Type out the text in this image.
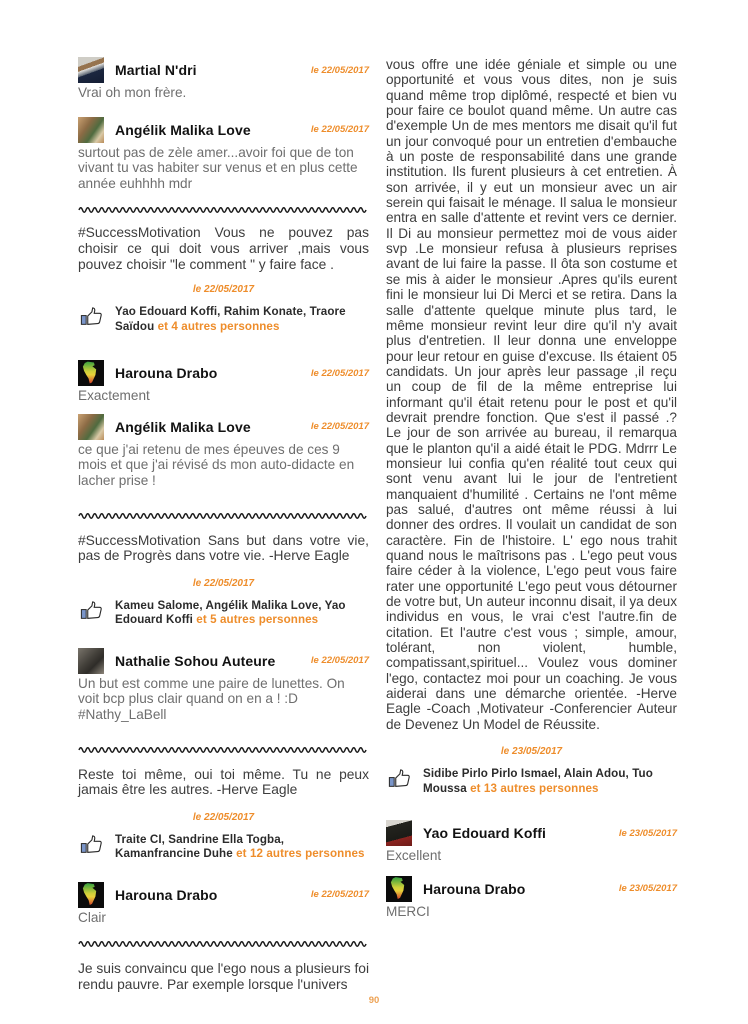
Martial N'dri	le 22/05/2017
Vrai oh mon frère.
Angélik Malika Love	le 22/05/2017
surtout pas de zèle amer...avoir foi que de ton vivant tu vas habiter sur venus et en plus cette année euhhhh mdr
#SuccessMotivation Vous ne pouvez pas choisir ce qui doit vous arriver ,mais vous pouvez choisir "le comment " y faire face .
le 22/05/2017
Yao Edouard Koffi, Rahim Konate, Traore Saïdou et 4 autres personnes
Harouna Drabo	le 22/05/2017
Exactement
Angélik Malika Love	le 22/05/2017
ce que j'ai retenu de mes épeuves de ces 9 mois et que j'ai révisé ds mon auto-didacte en lacher prise !
#SuccessMotivation Sans but dans votre vie, pas de Progrès dans votre vie. -Herve Eagle
le 22/05/2017
Kameu Salome, Angélik Malika Love, Yao Edouard Koffi et 5 autres personnes
Nathalie Sohou Auteure	le 22/05/2017
Un but est comme une paire de lunettes. On voit bcp plus clair quand on en a ! :D #Nathy_LaBell
Reste toi même, oui toi même. Tu ne peux jamais être les autres. -Herve Eagle
le 22/05/2017
Traite CI, Sandrine Ella Togba, Kamanfrancine Duhe et 12 autres personnes
Harouna Drabo	le 22/05/2017
Clair
Je suis convaincu que l'ego nous a plusieurs foi rendu pauvre. Par exemple lorsque l'univers
vous offre une idée géniale et simple ou une opportunité et vous vous dites, non je suis quand même trop diplômé, respecté et bien vu pour faire ce boulot quand même. Un autre cas d'exemple Un de mes mentors me disait qu'il fut un jour convoqué pour un entretien d'embauche à un poste de responsabilité dans une grande institution. Ils furent plusieurs à cet entretien. À son arrivée, il y eut un monsieur avec un air serein qui faisait le ménage. Il salua le monsieur entra en salle d'attente et revint vers ce dernier. Il Di au monsieur permettez moi de vous aider svp .Le monsieur refusa à plusieurs reprises avant de lui faire la passe. Il ôta son costume et se mis à aider le monsieur .Apres qu'ils eurent fini le monsieur lui Di Merci et se retira. Dans la salle d'attente quelque minute plus tard, le même monsieur revint leur dire qu'il n'y avait plus d'entretien. Il leur donna une enveloppe pour leur retour en guise d'excuse. Ils étaient 05 candidats. Un jour après leur passage ,il reçu un coup de fil de la même entreprise lui informant qu'il était retenu pour le post et qu'il devrait prendre fonction. Que s'est il passé .? Le jour de son arrivée au bureau, il remarqua que le planton qu'il a aidé était le PDG. Mdrrr Le monsieur lui confia qu'en réalité tout ceux qui sont venu avant lui le jour de l'entretient manquaient d'humilité . Certains ne l'ont même pas salué, d'autres ont même réussi à lui donner des ordres. Il voulait un candidat de son caractère. Fin de l'histoire. L' ego nous trahit quand nous le maîtrisons pas . L'ego peut vous faire céder à la violence, L'ego peut vous faire rater une opportunité L'ego peut vous détourner de votre but, Un auteur inconnu disait, il ya deux individus en vous, le vrai c'est l'autre.fin de citation. Et l'autre c'est vous ; simple, amour, tolérant, non violent, humble, compatissant,spirituel... Voulez vous dominer l'ego, contactez moi pour un coaching. Je vous aiderai dans une démarche orientée. -Herve Eagle -Coach ,Motivateur -Conferencier Auteur de Devenez Un Model de Réussite.
le 23/05/2017
Sidibe Pirlo Pirlo Ismael, Alain Adou, Tuo Moussa et 13 autres personnes
Yao Edouard Koffi	le 23/05/2017
Excellent
Harouna Drabo	le 23/05/2017
MERCI
90
